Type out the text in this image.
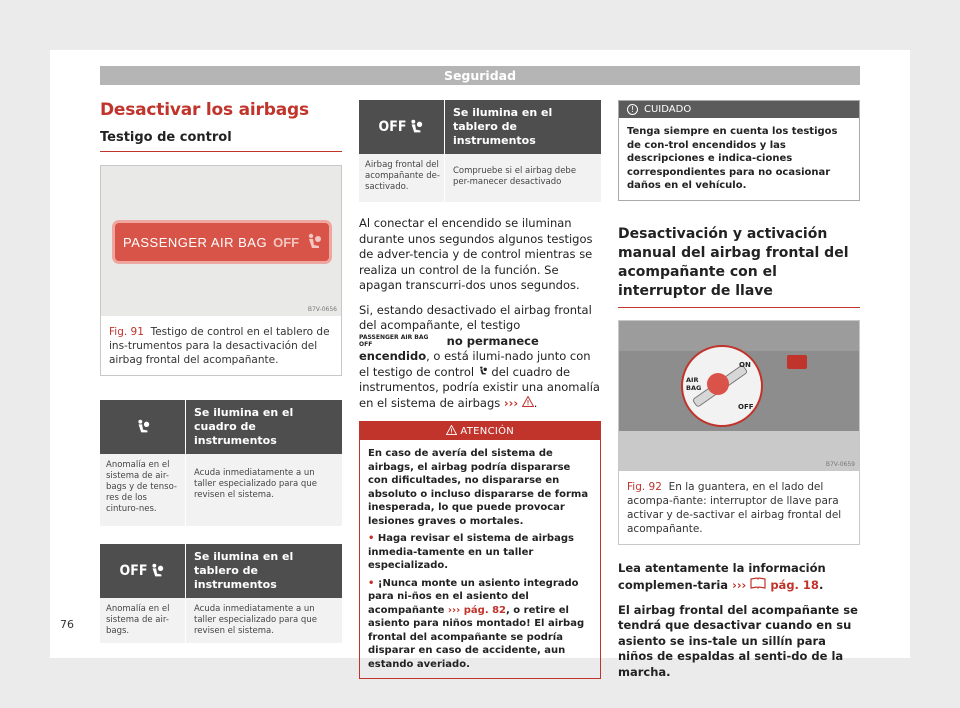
Seguridad
Desactivar los airbags
Testigo de control
PASSENGER AIR BAG OFF
B7V-0656
Fig. 91 Testigo de control en el tablero de ins-trumentos para la desactivación del airbag frontal del acompañante.
Se ilumina en el cuadro de instrumentos
Anomalía en el sistema de air-bags y de tenso-res de los cinturo-nes.
Acuda inmediatamente a un taller especializado para que revisen el sistema.
OFF
Se ilumina en el tablero de instrumentos
Anomalía en el sistema de air-bags.
Acuda inmediatamente a un taller especializado para que revisen el sistema.
OFF
Se ilumina en el tablero de instrumentos
Airbag frontal del acompañante de-sactivado.
Compruebe si el airbag debe per-manecer desactivado

Al conectar el encendido se iluminan durante unos segundos algunos testigos de adver-tencia y de control mientras se realiza un control de la función. Se apagan transcurri-dos unos segundos.

Si, estando desactivado el airbag frontal del acompañante, el testigo PASSENGER AIR BAG OFF	no permanece encendido, o está ilumi-nado junto con el testigo de control del cuadro de instrumentos, podría existir una anomalía en el sistema de airbags ››› .

ATENCIÓN
En caso de avería del sistema de airbags, el airbag podría dispararse con dificultades, no dispararse en absoluto o incluso dispararse de forma inesperada, lo que puede provocar lesiones graves o mortales.
• Haga revisar el sistema de airbags inmedia-tamente en un taller especializado.
• ¡Nunca monte un asiento integrado para ni-ños en el asiento del acompañante ››› pág. 82, o retire el asiento para niños montado! El airbag frontal del acompañante se podría disparar en caso de accidente, aun estando averiado.
! CUIDADO
Tenga siempre en cuenta los testigos de con-trol encendidos y las descripciones e indica-ciones correspondientes para no ocasionar daños en el vehículo.
Desactivación y activación manual del airbag frontal del acompañante con el interruptor de llave
AIR
BAG
ON
OFF
B7V-0659
Fig. 92 En la guantera, en el lado del acompa-ñante: interruptor de llave para activar y de-sactivar el airbag frontal del acompañante.

Lea atentamente la información complemen-taria ›››  pág. 18.

El airbag frontal del acompañante se tendrá que desactivar cuando en su asiento se ins-tale un sillín para niños de espaldas al senti-do de la marcha.

76
